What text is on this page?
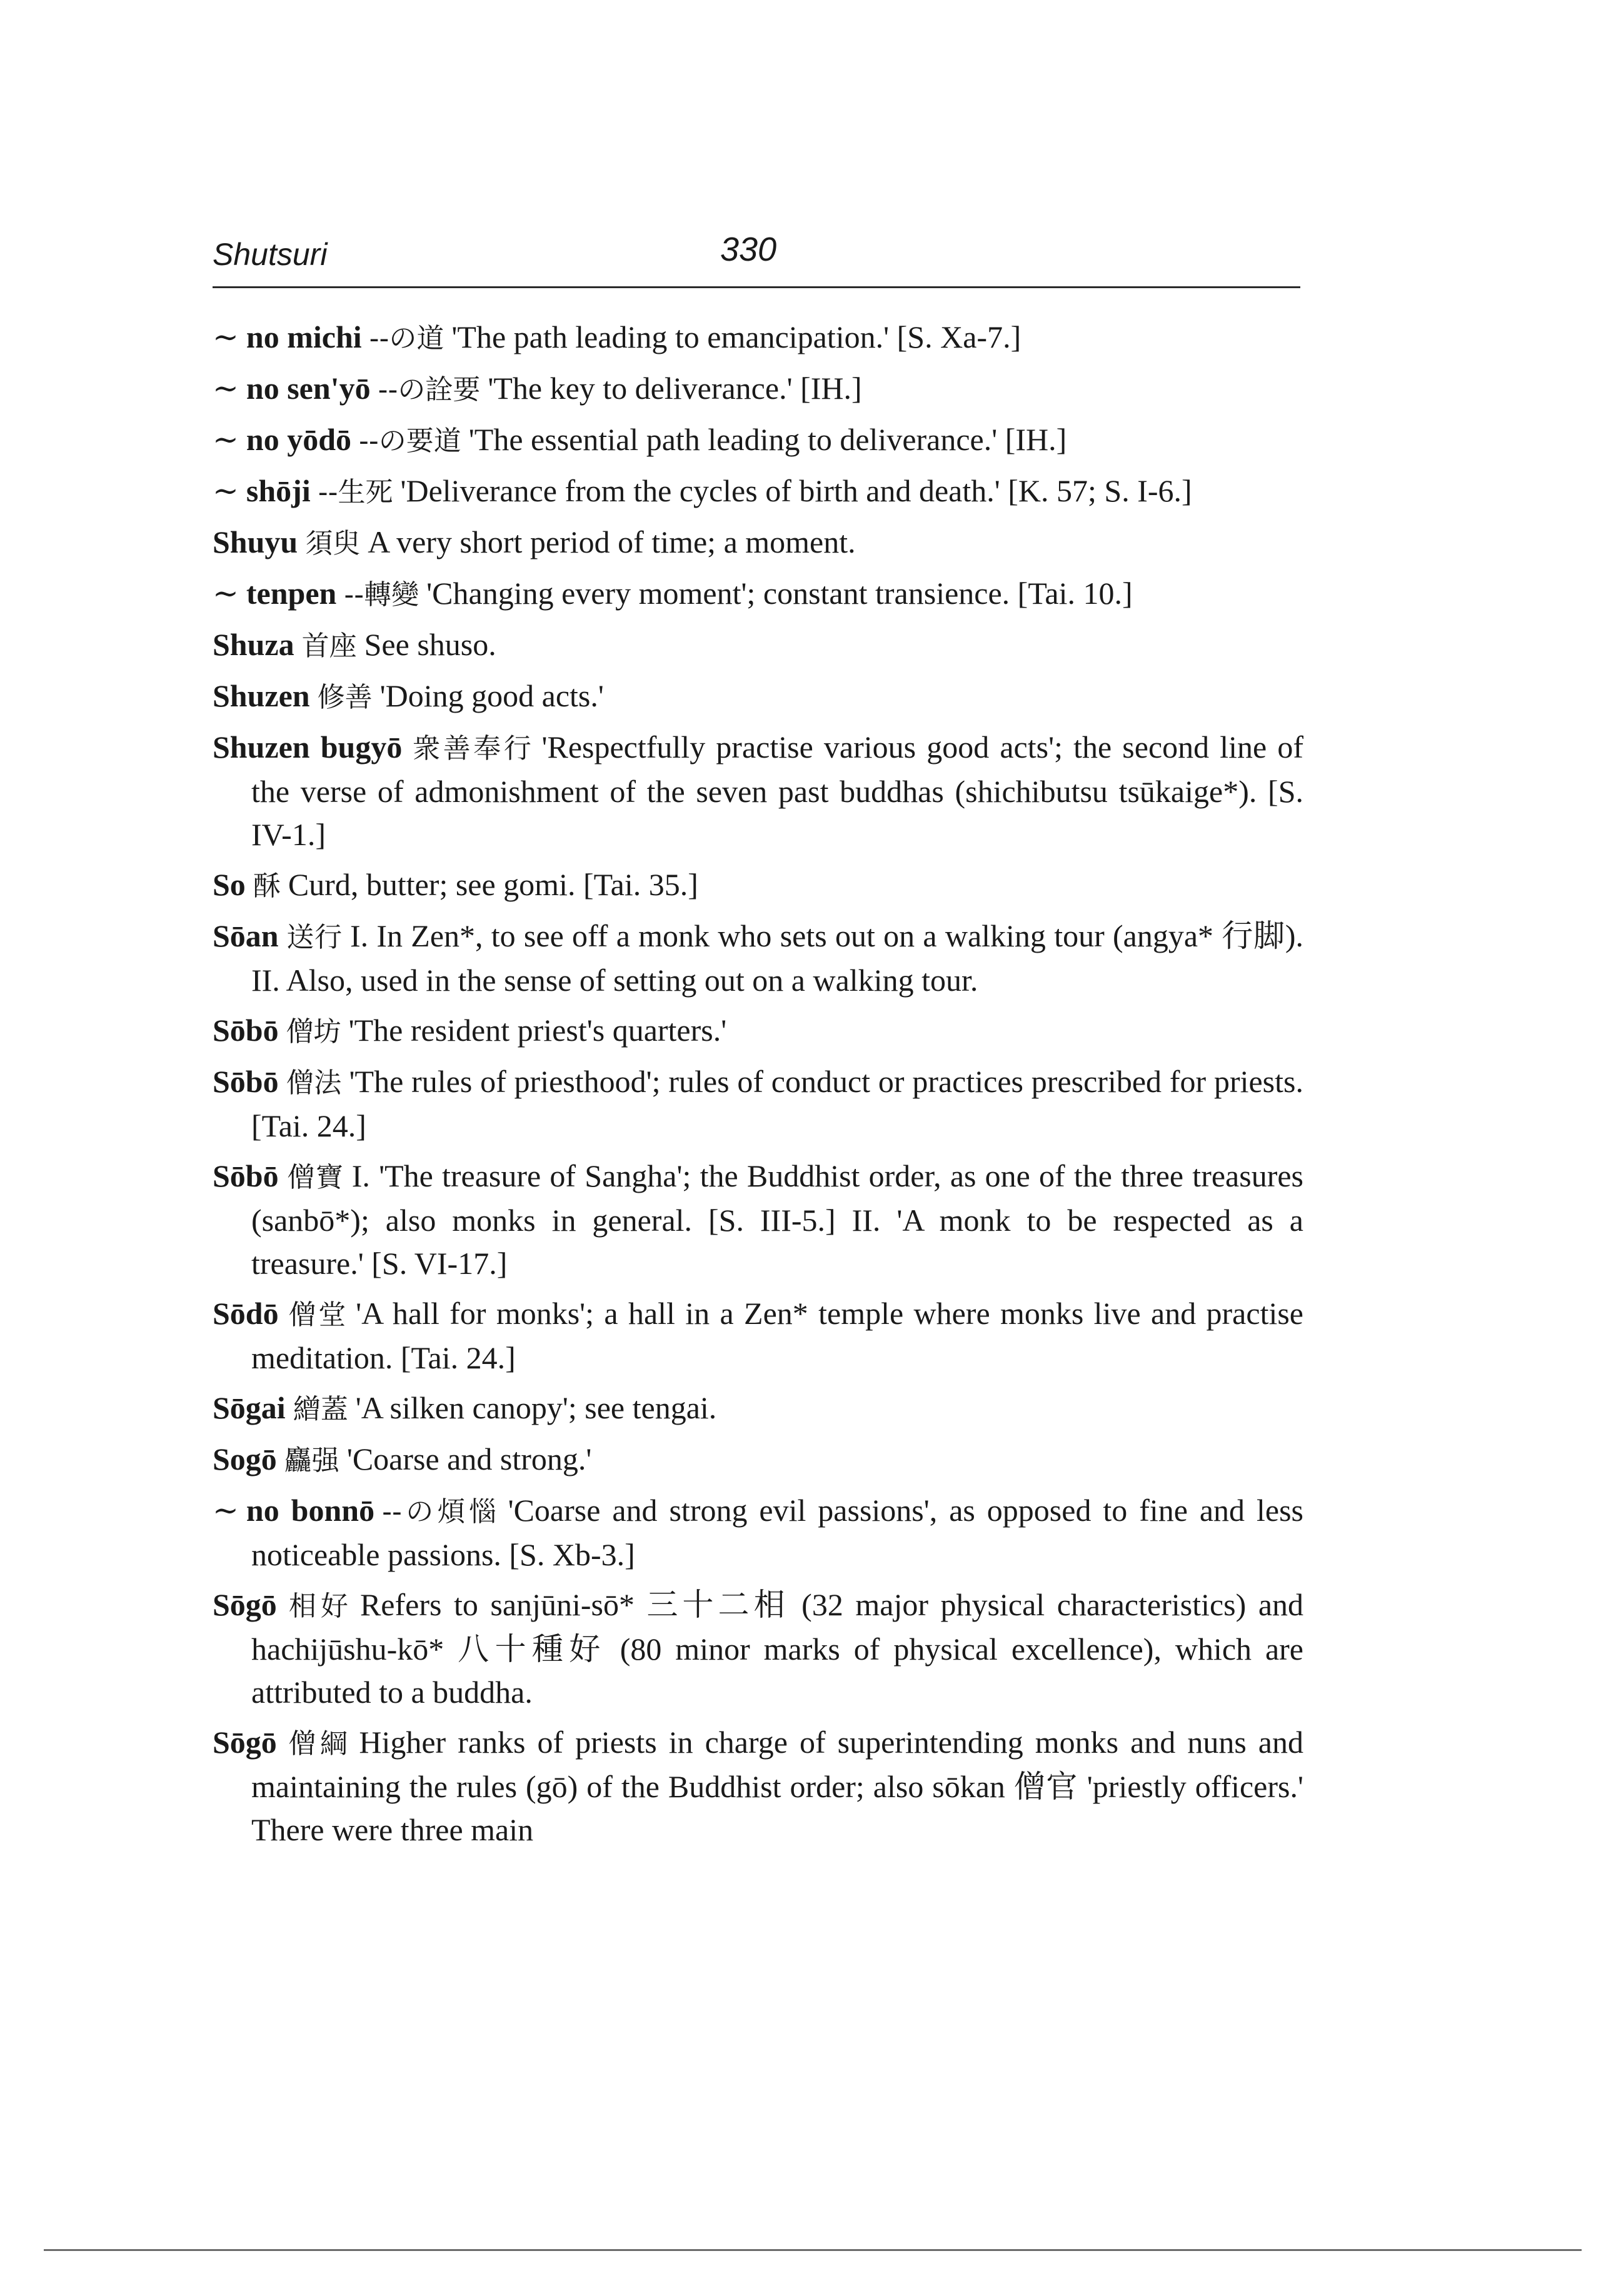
Shutsuri	330
∼ no michi --の道 'The path leading to emancipation.' [S. Xa-7.]
∼ no sen'yō --の詮要 'The key to deliverance.' [IH.]
∼ no yōdō --の要道 'The essential path leading to deliverance.' [IH.]
∼ shōji --生死 'Deliverance from the cycles of birth and death.' [K. 57; S. I-6.]
Shuyu 須臾 A very short period of time; a moment.
∼ tenpen --轉變 'Changing every moment'; constant transience. [Tai. 10.]
Shuza 首座 See shuso.
Shuzen 修善 'Doing good acts.'
Shuzen bugyō 衆善奉行 'Respectfully practise various good acts'; the second line of the verse of admonishment of the seven past buddhas (shichibutsu tsūkaige*). [S. IV-1.]
So 酥 Curd, butter; see gomi. [Tai. 35.]
Sōan 送行 I. In Zen*, to see off a monk who sets out on a walking tour (angya* 行脚). II. Also, used in the sense of setting out on a walking tour.
Sōbō 僧坊 'The resident priest's quarters.'
Sōbō 僧法 'The rules of priesthood'; rules of conduct or practices prescribed for priests. [Tai. 24.]
Sōbō 僧寶 I. 'The treasure of Sangha'; the Buddhist order, as one of the three treasures (sanbō*); also monks in general. [S. III-5.] II. 'A monk to be respected as a treasure.' [S. VI-17.]
Sōdō 僧堂 'A hall for monks'; a hall in a Zen* temple where monks live and practise meditation. [Tai. 24.]
Sōgai 繒蓋 'A silken canopy'; see tengai.
Sogō 麤强 'Coarse and strong.'
∼ no bonnō --の煩惱 'Coarse and strong evil passions', as opposed to fine and less noticeable passions. [S. Xb-3.]
Sōgō 相好 Refers to sanjūni-sō* 三十二相 (32 major physical characteristics) and hachijūshu-kō* 八十種好 (80 minor marks of physical excellence), which are attributed to a buddha.
Sōgō 僧綱 Higher ranks of priests in charge of superintending monks and nuns and maintaining the rules (gō) of the Buddhist order; also sōkan 僧官 'priestly officers.' There were three main
